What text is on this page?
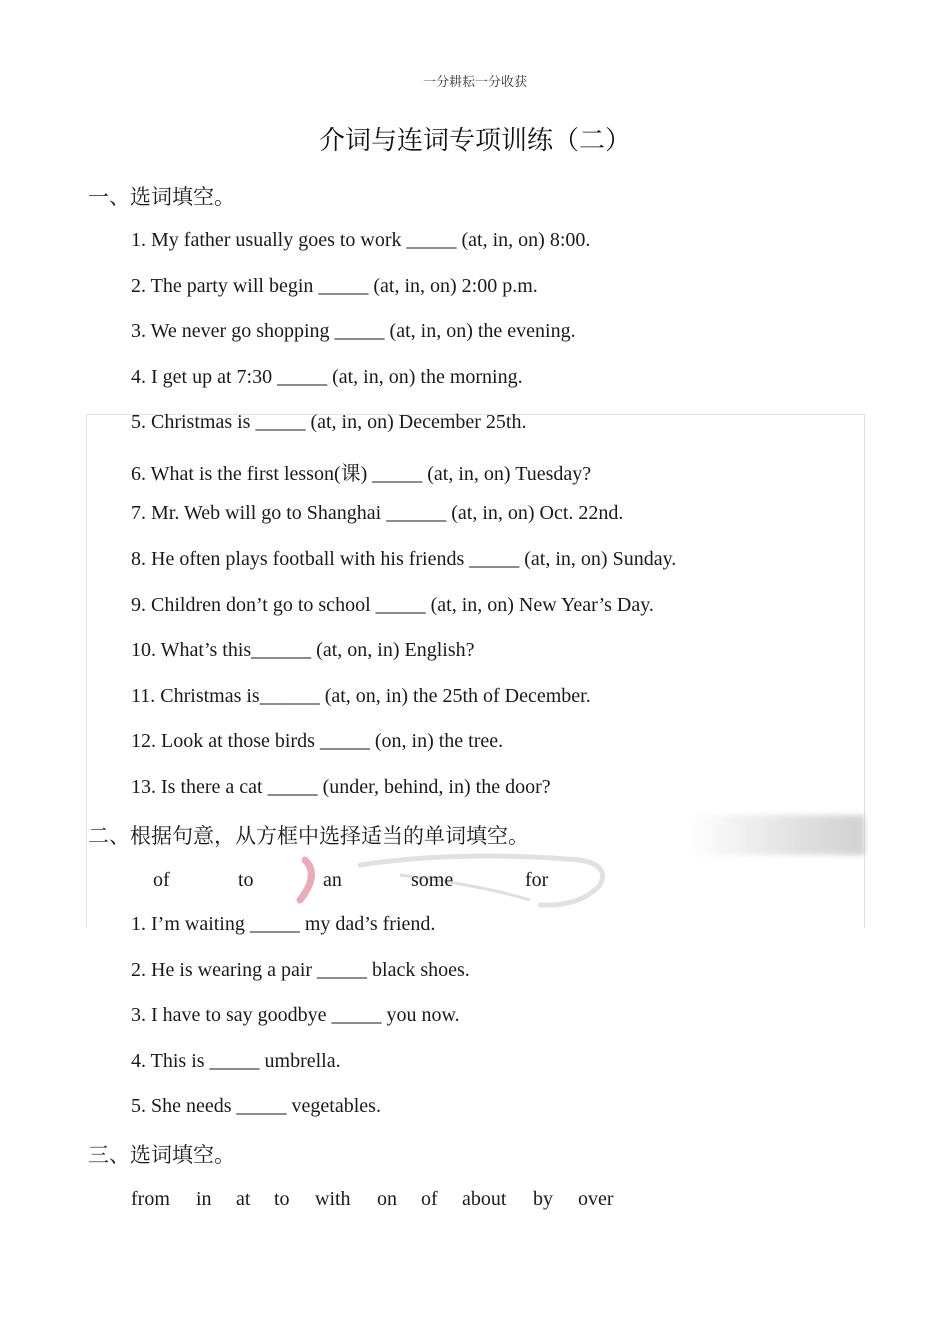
一分耕耘一分收获
介词与连词专项训练（二）
一、选词填空。
1. My father usually goes to work _____ (at, in, on) 8:00.
2. The party will begin _____ (at, in, on) 2:00 p.m.
3. We never go shopping _____ (at, in, on) the evening.
4. I get up at 7:30 _____ (at, in, on) the morning.
5. Christmas is _____ (at, in, on) December 25th.
6. What is the first lesson(课) _____ (at, in, on) Tuesday?
7. Mr. Web will go to Shanghai ______ (at, in, on) Oct. 22nd.
8. He often plays football with his friends _____ (at, in, on) Sunday.
9. Children don’t go to school _____ (at, in, on) New Year’s Day.
10. What’s this______ (at, on, in) English?
11. Christmas is______ (at, on, in) the 25th of December.
12. Look at those birds _____ (on, in) the tree.
13. Is there a cat _____ (under, behind, in) the door?
二、根据句意，从方框中选择适当的单词填空。
of	to	an	some	for
1. I’m waiting _____ my dad’s friend.
2. He is wearing a pair _____ black shoes.
3. I have to say goodbye _____ you now.
4. This is _____ umbrella.
5. She needs _____ vegetables.
三、选词填空。
from in at to with on of about by over
